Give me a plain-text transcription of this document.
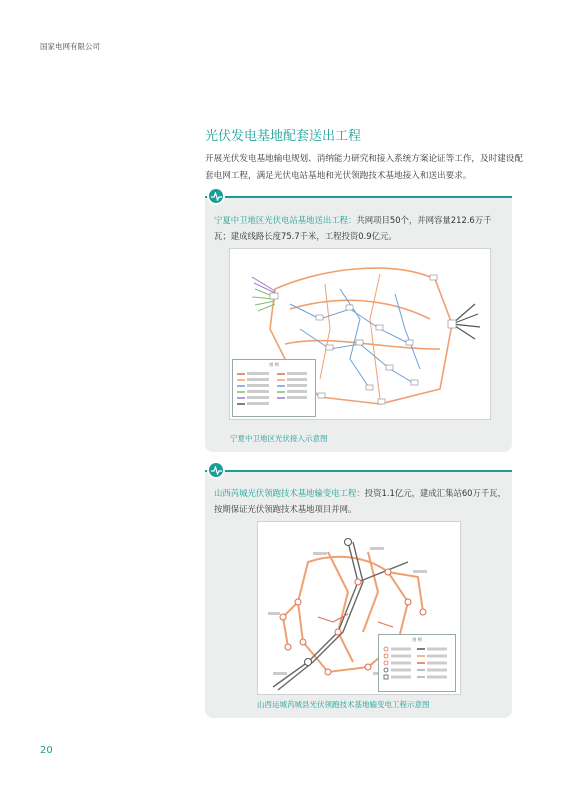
国家电网有限公司
光伏发电基地配套送出工程
开展光伏发电基地输电规划、消纳能力研究和接入系统方案论证等工作，及时建设配套电网工程，满足光伏电站基地和光伏领跑技术基地接入和送出要求。
宁夏中卫地区光伏电站基地送出工程：共网项目50个，并网容量212.6万千瓦；建成线路长度75.7千米，工程投资0.9亿元。
图 例
宁夏中卫地区光伏接入示意图
山西芮城光伏领跑技术基地输变电工程：投资1.1亿元，建成汇集站60万千瓦，按期保证光伏领跑技术基地项目并网。
图 例
山西运城芮城县光伏领跑技术基地输变电工程示意图
20
